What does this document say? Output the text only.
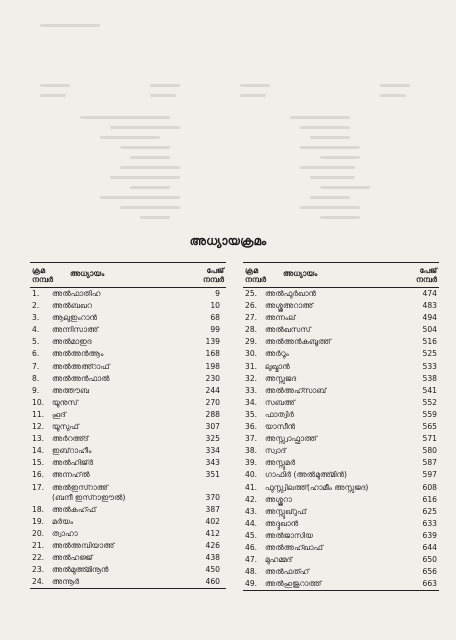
അധ്യായക്രമം
ക്രമ
നമ്പർ
അധ്യായം	പേജ്
നമ്പർ
1. അൽഫാതിഹ	9
2. അൽബഖറ	10
3. ആലുഇംറാൻ	68
4. അന്നിസാഅ്	99
5. അൽമാഇദ	139
6. അൽഅൻആം	168
7. അൽഅഅ്റാഫ്	198
8. അൽഅൻഫാൽ	230
9. അത്തൗബ	244
10. യൂനുസ്	270
11. ഹൂദ്	288
12. യൂസുഫ്	307
13. അർറഅ്ദ്	325
14. ഇബ്‌റാഹീം	334
15. അൽഹിജ്ർ	343
16. അന്നഹ്ൽ	351
17. അൽഇസ്റാഅ്
(ബനീ ഇസ്റാഈൽ)	370
18. അൽകഹ്ഫ്	387
19. മർയം	402
20. ത്വാഹാ	412
21. അൽഅമ്പിയാഅ്	426
22. അൽഹജ്ജ്	438
23. അൽമുഅ്മിനൂൻ	450
24. അന്നൂർ	460
ക്രമ
നമ്പർ
അധ്യായം	പേജ്
നമ്പർ
25. അൽഫുർഖാൻ	474
26. അശ്ശുഅറാഅ്	483
27. അന്നംല്	494
28. അൽഖസസ്	504
29. അൽഅൻകബൂത്ത്	516
30. അർറൂം	525
31. ലുഖ്മാൻ	533
32. അസ്സജദ	538
33. അൽഅഹ്സാബ്	541
34. സബഅ്	552
35. ഫാത്വിർ	559
36. യാസീൻ	565
37. അസ്സ്വാഫ്ഫാത്ത്	571
38. സ്വാദ്	580
39. അസ്സുമർ	587
40. ഗാഫിർ (അൽമുഅ്മിൻ)	597
41. ഫുസ്സ്വിലത്ത്(ഹാമീം അസ്സജദ)	608
42. അശ്ശൂറാ	616
43. അസ്സുഖ്റുഫ്	625
44. അദ്ദുഖാൻ	633
45. അൽജാസിയ	639
46. അൽഅഹ്ഖാഫ്	644
47. മുഹമ്മദ്	650
48. അൽഫത്ഹ്	656
49. അൽഹുജുറാത്ത്	663
